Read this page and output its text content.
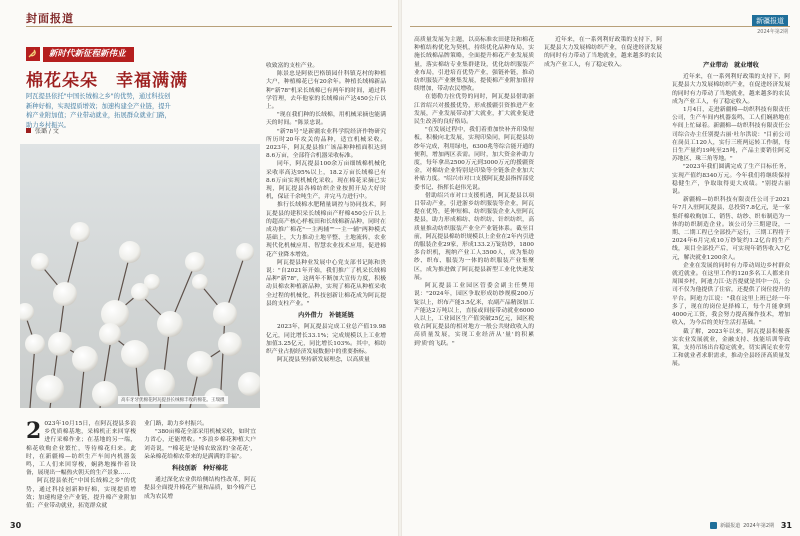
封面报道
新时代新征程新伟业
棉花朵朵　幸福满满
阿瓦提县依托"中国长绒棉之乡"的优势，通过科技创新种好棉，实现提质增效；加速构建全产业链，提升棉产业附加值；产业带动就业，拓展群众就业门路，助力乡村振兴。
张璐 / 文
高车牙牙优棉花阿瓦提县长绒棉丰收的棉花。王瑞摄
2 023年10月15日，在阿瓦提县多浪乡优质棉基地，采棉机正来回穿梭进行采棉作业；在基地的另一端，棉花收购企业繁忙，等待棉花归来。此时，在新疆棉—纺织生产车间内机器轰鸣，工人们来回穿梭，娴熟地操作着设备，展现出一幅热火朝天的生产景象……

阿瓦提县依托"中国长绒棉之乡"的优势，通过科技创新种好棉，实现提质增效；加速构建全产业链，提升棉产业附加值；产业带动就业，拓宽群众就

业门路，助力乡村振兴。

"380亩棉花全部采用机械采收，如时宜力省心，还能增收。"多浪乡棉花种植大户刘奇说，"'棉花是'是棉农致富的'金花花'，朵朵棉花给棉农带来的是满满的幸福"。

科技创新　种好棉花

通过深化农业供给侧结构性改革，阿瓦提县全面提升棉花产量和品质，如今棉产已成为农民增

收致富的支柱产业。

陈景忠是阿依巴格镇园什科镇克村的种植大户，种植棉花已有20余年。种植长绒棉新品种"新78"机采长绒棉已有两年的时间，通过科学管理，去年他家的长绒棉亩产达450公斤以上。

"现在我们种的长绒棉，用机械采摘也能满天的时间。"陈景忠说。

"新78号"是新疆农业科学院经济作物研究所历时20年攻关的品种，适宜机械采收。2023年，阿瓦提县推广该品种种植面积达到8.6万亩，全部符合机器采收标准。

同年，阿瓦提县100余万亩细绒棉机械化采收率高达95%以上，18.2万亩长绒棉已有8.6万亩实现机械化采收。现在棉花采摘已实现，阿瓦提县各棉纺织企业按照开局大好时机，保证千余吨生产，并完马力进行中。

推行长绒棉水肥精量调控与协同技术，阿瓦提县的建积采长绒棉亩产籽棉450公斤以上的超高产核心样板田和长绒棉新品种，同时在成功推广棉花"一主两辅""一主一辅"两种模式基础上，大力推动土地平整、土地流转，农业现代化机械应用、智慧农业技术应用，促进棉花产业降本增效。

阿瓦提县种业发展中心党支部书记陈和贵说："自2021年开始，我们推广了机采长绒棉品种"新78"，这两年不断加大宣传力度，积极动员棉农种植新品种，实现了棉花从种植采收全过程的机械化，科技创新让棉花成为阿瓦提县的支柱产业。"

内外借力　补链延链

2023年，阿瓦提县完成工业总产值19.98亿元，同比增长33.1%；完成规模以上工业增加值3.25亿元，同比增长103%。其中，棉纺织产业占据经济发展数据中的重要指标。

阿瓦提县坚持新发展理念，以高质量

30
新疆报道
2024年第2期

高质量发展为主题，以高标准农田建设和棉花种植结构优化为契机，持续优化品种布局，实施长绒棉品牌策略，全面提升棉花产业发展质量，落实棉纺专业集群建设，优化纺织服装产业布局，引进培育优势产业，强链补链，推动纺织服装产业聚集发展，提使棉产业附加值持续增加，带动农民增收。

在德勒力拉优势的同时，阿瓦提县借助浙江省绍兴对援援优势，形成援疆引资推进产业发展，产业发展带动扩大就业，扩大就业促进民生改善的良好格局。

"在发展过程中，我们着重加快补齐印染短板，积极向北发展，实现印染同，阿瓦提县纺纱年完成，利用绿电，6300兆等综合能开通的便利，增加两区表需。同时，加大资金补助力度，每年拿出2500万元到3000万元的援疆资金，对棉纺企业特别是印染等全链条企业加大补贴力度。"绍兴市对口支援阿瓦提县指挥部党委书记、指挥长赵伟光说。

借助绍兴市对口支援机遇，阿瓦提县以项目带动产业，引进浙乡纺织服装等企业，阿瓦提在优势，延伸短棉、纺织服装企业入驻阿瓦提县，助力形成棉纺、纺织纺、针织纺织，高质量推动纺织服装产业全产业链体系。截至目前，阿瓦提县棉纺织规模以上企业在2年内引进的服装企业29家，形成133.2万锭纺纱，1800多台织机，现纳产业工人3500人，成为集纺纱、织布、服装为一体的纺织服装产业集聚区，成为推进做了阿瓦提县新型工业化快速发展。

阿瓦提县工业园区管委会副主任樊用说："2024年，园区争取形成纺纱规模200万锭以上，织布产能3.5亿米，农副产品精深加工产能达2万吨以上，直接或间接带动就业6000人以上，工业园区生产值突破25亿元，园区税收占阿瓦提县的相对地方一般公共财政收入的高质量发展，实现工业经济从'量'的积累到'质'的飞跃。"

近年来，在一系列利好政策的支持下，阿瓦提县大力发展棉纺织产业，在促进经济发展的同时有力带动了当地就业，越来越多的农民成为产业工人，有了稳定收入。	产业带动　就业增收

近年来，在一系列利好政策的支持下，阿瓦提县大力发展棉纺织产业，在促进经济发展的同时有力带动了当地就业，越来越多的农民成为产业工人，有了稳定收入。

1月4日，走进新疆棉—纺织科技有限责任公司，生产车间内机器轰鸣，工人们娴熟地在车间上忙碌着。新疆棉—纺织科技有限责任公司综合办主任别提古丽·吐尔洪说："目前公司在岗员工120人，实行三班两运转工作制，每日生产量约19吨至25吨，产品主要销往阿克苏地区、珠三角等地。"

"2023年我们圆满完成了生产目标任务，实现产值约8340万元。今年我们将继续保持稳健生产，争取取得更大成绩。"别提古丽说。

新疆棉—纺织科技有限责任公司于2021年7月入驻阿瓦提县，总投资7.8亿元，是一家集纤棉收购加工、销售、纺纱、织布制造为一体的纺织制造企业。该公司分三期建设，一期、二期工程已全部投产运行，三期工程将于2024年6月完成10万纱锭约1.2亿台的生产线，项目全部投产后，可实现年销售收入7亿元，解决就业1200余人。

企业在发展的同时有力带动周边乡村群众就近就业。在这里工作的120多名工人都来自周围乡村，阿迪力江·达吾提就是其中一员，公司不仅为他提供了住宿，还提供了岗位提升的平台。阿迪力江说："我在这里上班已经一年多了，现在的岗位是择棉工，每个月能拿到4000元工资，我会努力提高操作技术，增加收入，为今后的美好生活打基础。"

截了解，2023年以来，阿瓦提县积极落实农业发展就业，金融支持、技能培训等政策，支持吊场出台稳定就业，切实满足农业劳工和就业者求职需求，推动全县经济高质量发展。

新疆报道 2024年第2期 31
